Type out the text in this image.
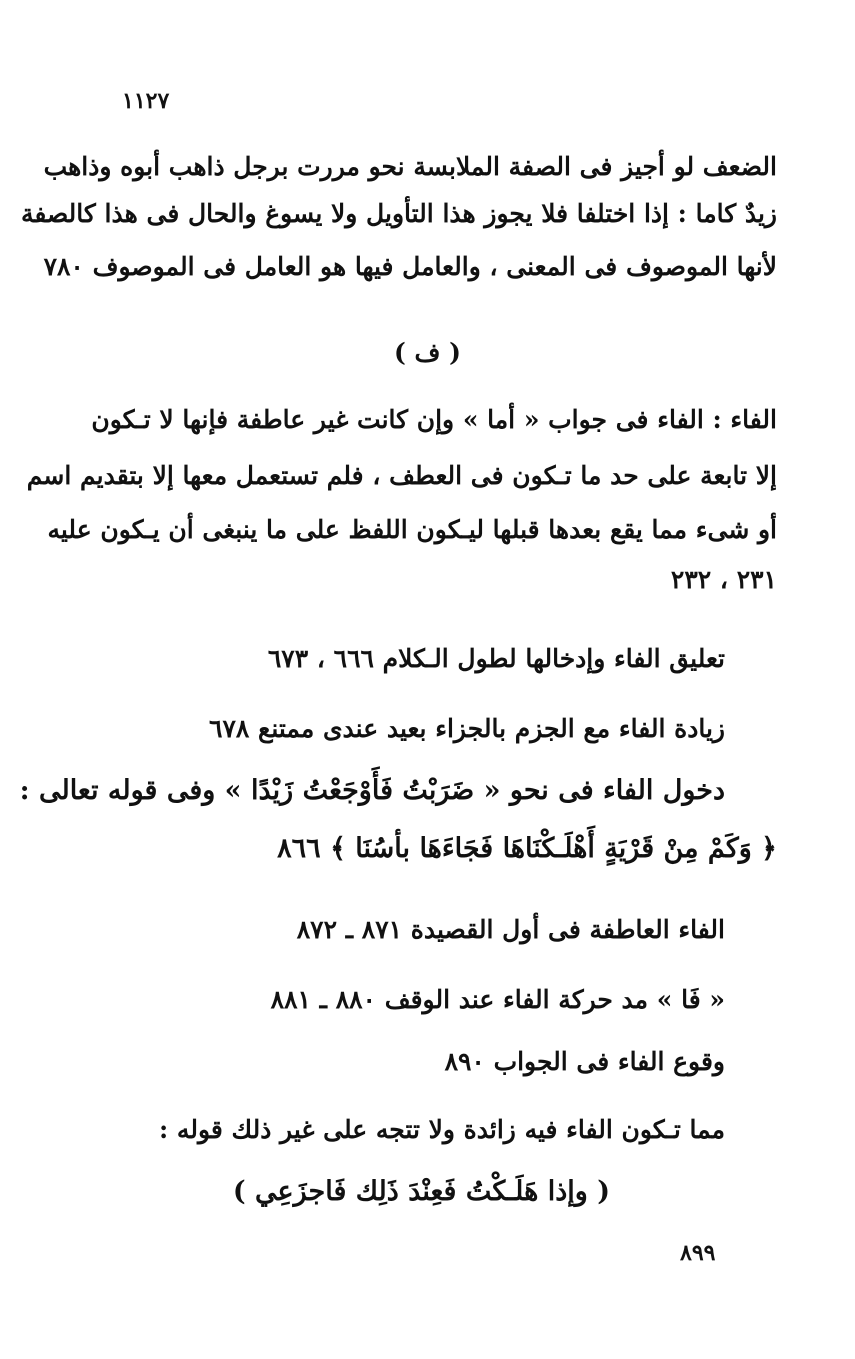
١١٢٧
الضعف لو أجيز فى الصفة الملابسة نحو مررت برجل ذاهب أبوه وذاهب
زيدٌ كاما : إذا اختلفا فلا يجوز هذا التأويل ولا يسوغ والحال فى هذا كالصفة
لأنها الموصوف فى المعنى ، والعامل فيها هو العامل فى الموصوف ٧٨٠
( ف )
الفاء : الفاء فى جواب « أما » وإن كانت غير عاطفة فإنها لا تـكون
إلا تابعة على حد ما تـكون فى العطف ، فلم تستعمل معها إلا بتقديم اسم
أو شىء مما يقع بعدها قبلها ليـكون اللفظ على ما ينبغى أن يـكون عليه
٢٣١ ، ٢٣٢
تعليق الفاء وإدخالها لطول الـكلام ٦٦٦ ، ٦٧٣
زيادة الفاء مع الجزم بالجزاء بعيد عندى ممتنع ٦٧٨
دخول الفاء فى نحو « ضَرَبْتُ فَأَوْجَعْتُ زَيْدًا » وفى قوله تعالى :
﴿ وَكَمْ مِنْ قَرْيَةٍ أَهْلَـكْنَاهَا فَجَاءَهَا بأسُنَا ﴾ ٨٦٦
الفاء العاطفة فى أول القصيدة ٨٧١ ـ ٨٧٢
« فَا » مد حركة الفاء عند الوقف ٨٨٠ ـ ٨٨١
وقوع الفاء فى الجواب ٨٩٠
مما تـكون الفاء فيه زائدة ولا تتجه على غير ذلك قوله :
( وإذا هَلَـكْتُ فَعِنْدَ ذَلِك فَاجزَعِي )
٨٩٩
